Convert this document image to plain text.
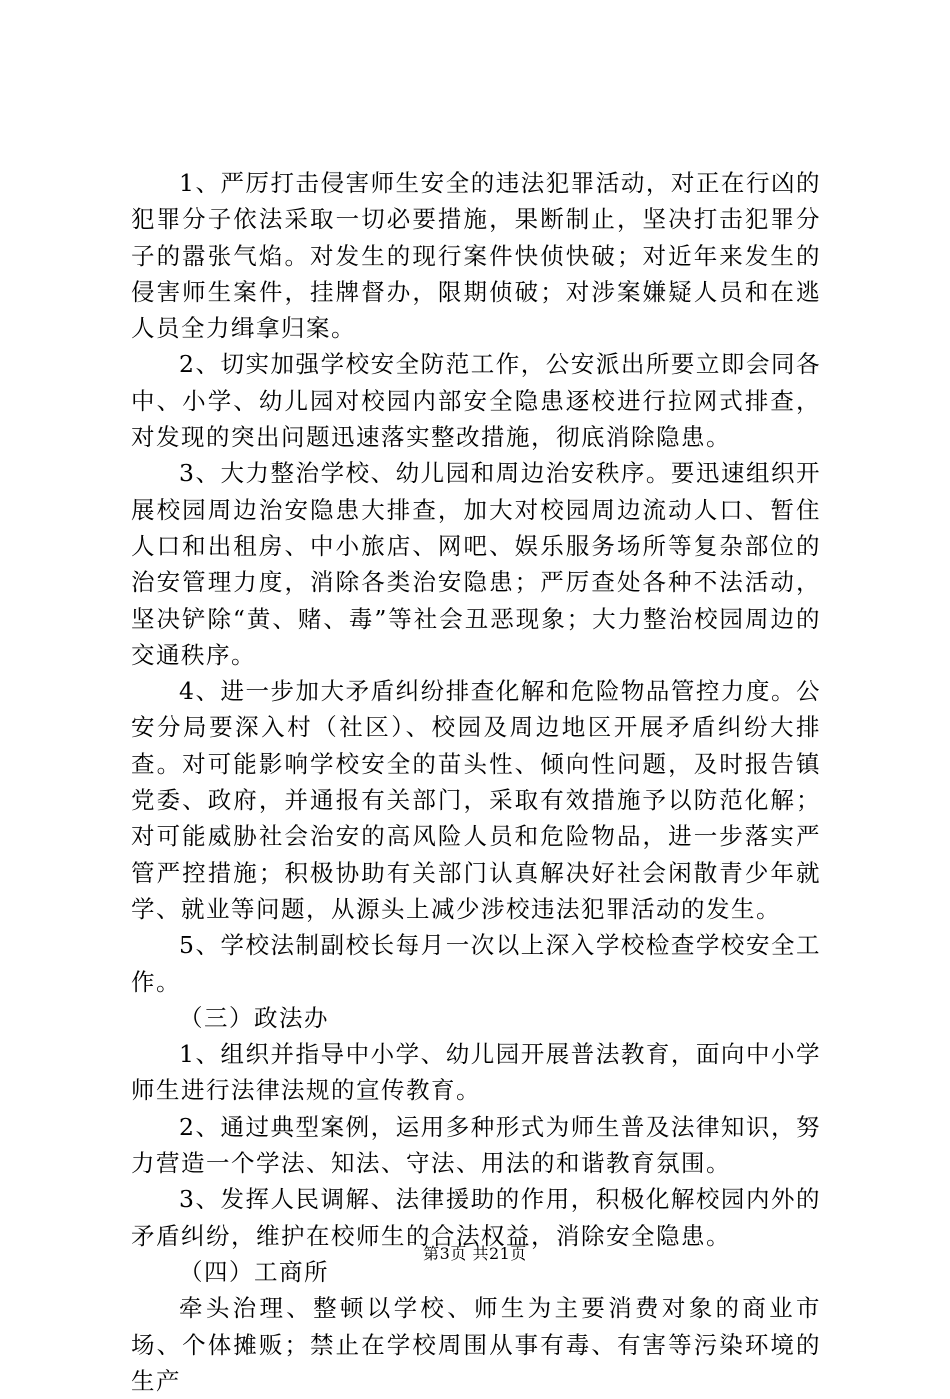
1、严厉打击侵害师生安全的违法犯罪活动，对正在行凶的犯罪分子依法采取一切必要措施，果断制止，坚决打击犯罪分子的嚣张气焰。对发生的现行案件快侦快破；对近年来发生的侵害师生案件，挂牌督办，限期侦破；对涉案嫌疑人员和在逃人员全力缉拿归案。

2、切实加强学校安全防范工作，公安派出所要立即会同各中、小学、幼儿园对校园内部安全隐患逐校进行拉网式排查，对发现的突出问题迅速落实整改措施，彻底消除隐患。

3、大力整治学校、幼儿园和周边治安秩序。要迅速组织开展校园周边治安隐患大排查，加大对校园周边流动人口、暂住人口和出租房、中小旅店、网吧、娱乐服务场所等复杂部位的治安管理力度，消除各类治安隐患；严厉查处各种不法活动，坚决铲除“黄、赌、毒”等社会丑恶现象；大力整治校园周边的交通秩序。

4、进一步加大矛盾纠纷排查化解和危险物品管控力度。公安分局要深入村（社区）、校园及周边地区开展矛盾纠纷大排查。对可能影响学校安全的苗头性、倾向性问题，及时报告镇党委、政府，并通报有关部门，采取有效措施予以防范化解；对可能威胁社会治安的高风险人员和危险物品，进一步落实严管严控措施；积极协助有关部门认真解决好社会闲散青少年就学、就业等问题，从源头上减少涉校违法犯罪活动的发生。

5、学校法制副校长每月一次以上深入学校检查学校安全工作。

（三）政法办

1、组织并指导中小学、幼儿园开展普法教育，面向中小学师生进行法律法规的宣传教育。

2、通过典型案例，运用多种形式为师生普及法律知识，努力营造一个学法、知法、守法、用法的和谐教育氛围。

3、发挥人民调解、法律援助的作用，积极化解校园内外的矛盾纠纷，维护在校师生的合法权益，消除安全隐患。

（四）工商所

牵头治理、整顿以学校、师生为主要消费对象的商业市场、个体摊贩；禁止在学校周围从事有毒、有害等污染环境的生产

第3页 共21页
